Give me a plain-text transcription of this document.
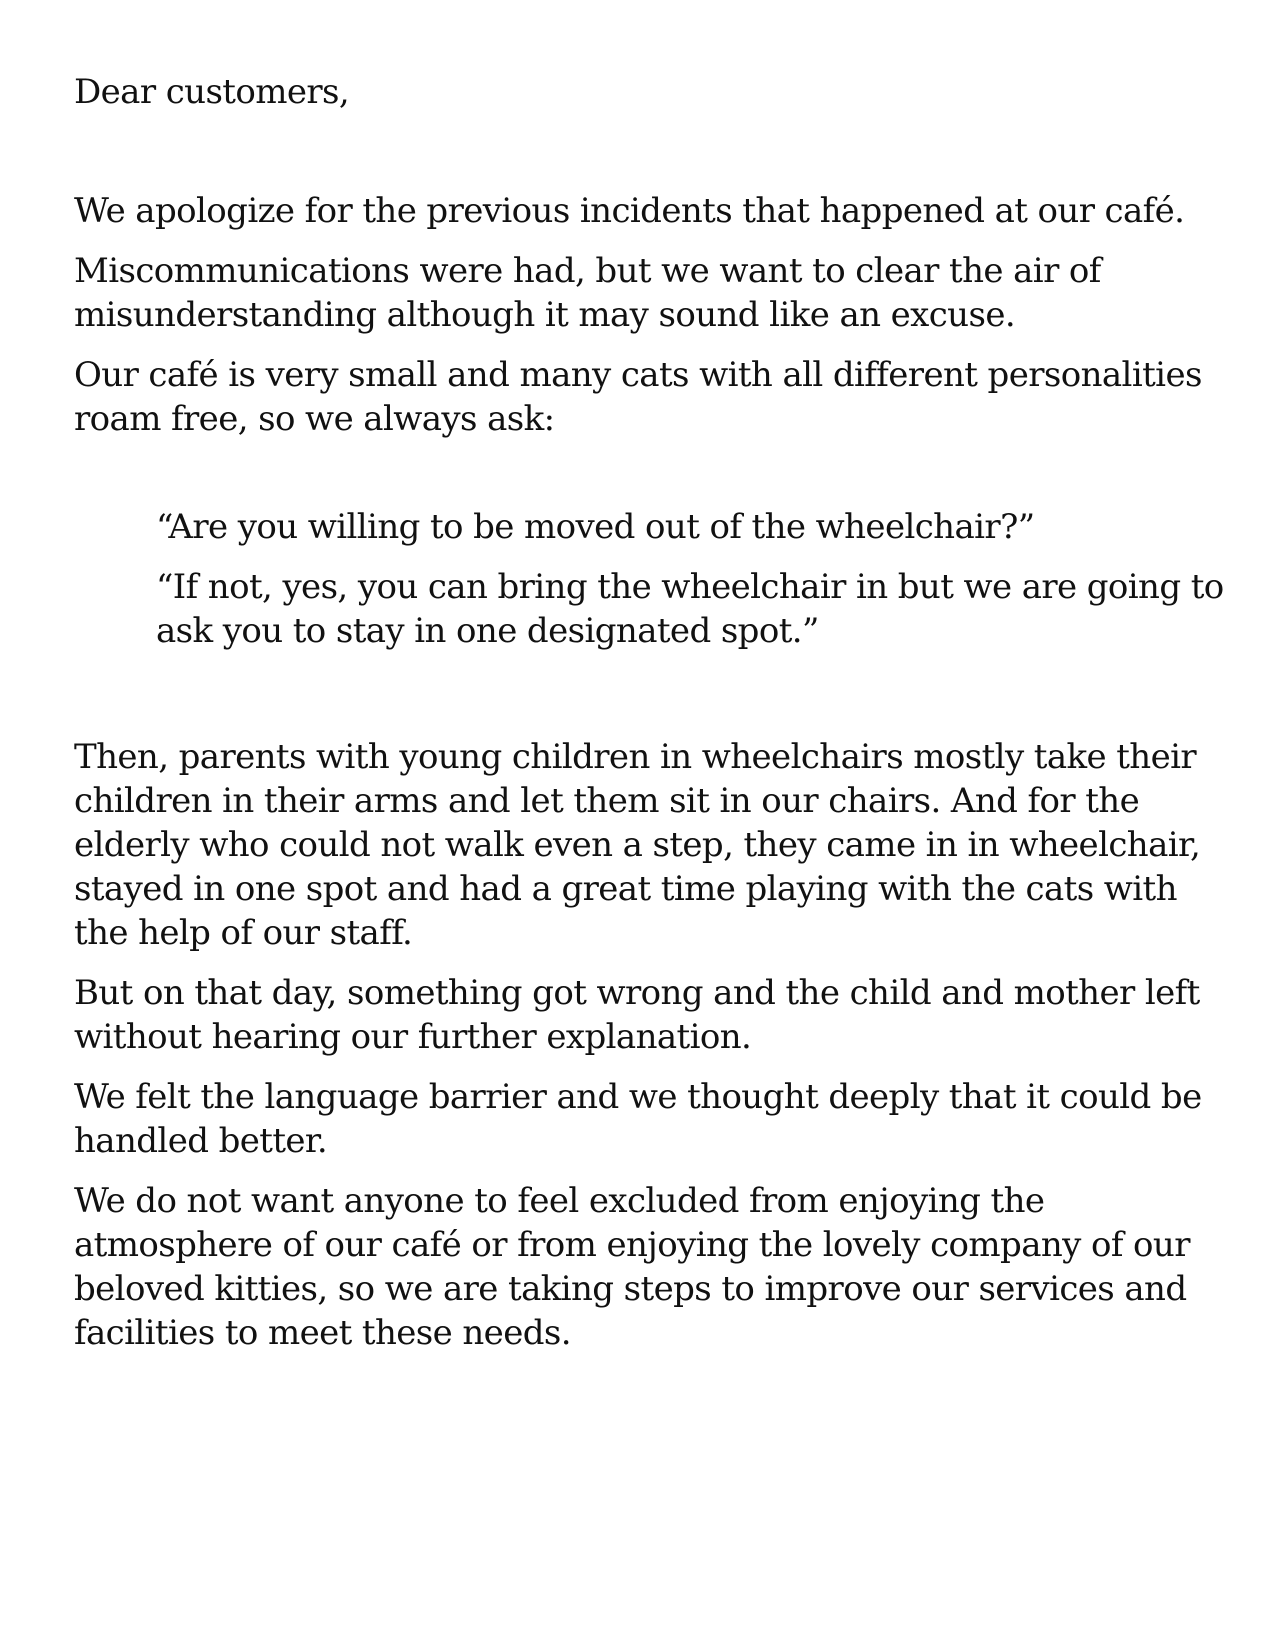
Dear customers,

We apologize for the previous incidents that happened at our café.

Miscommunications were had, but we want to clear the air of misunderstanding although it may sound like an excuse.

Our café is very small and many cats with all different personalities roam free, so we always ask:

“Are you willing to be moved out of the wheelchair?”

“If not, yes, you can bring the wheelchair in but we are going to ask you to stay in one designated spot.”

Then, parents with young children in wheelchairs mostly take their children in their arms and let them sit in our chairs. And for the elderly who could not walk even a step, they came in in wheelchair, stayed in one spot and had a great time playing with the cats with the help of our staff.

But on that day, something got wrong and the child and mother left without hearing our further explanation.

We felt the language barrier and we thought deeply that it could be handled better.

We do not want anyone to feel excluded from enjoying the atmosphere of our café or from enjoying the lovely company of our beloved kitties, so we are taking steps to improve our services and facilities to meet these needs.
